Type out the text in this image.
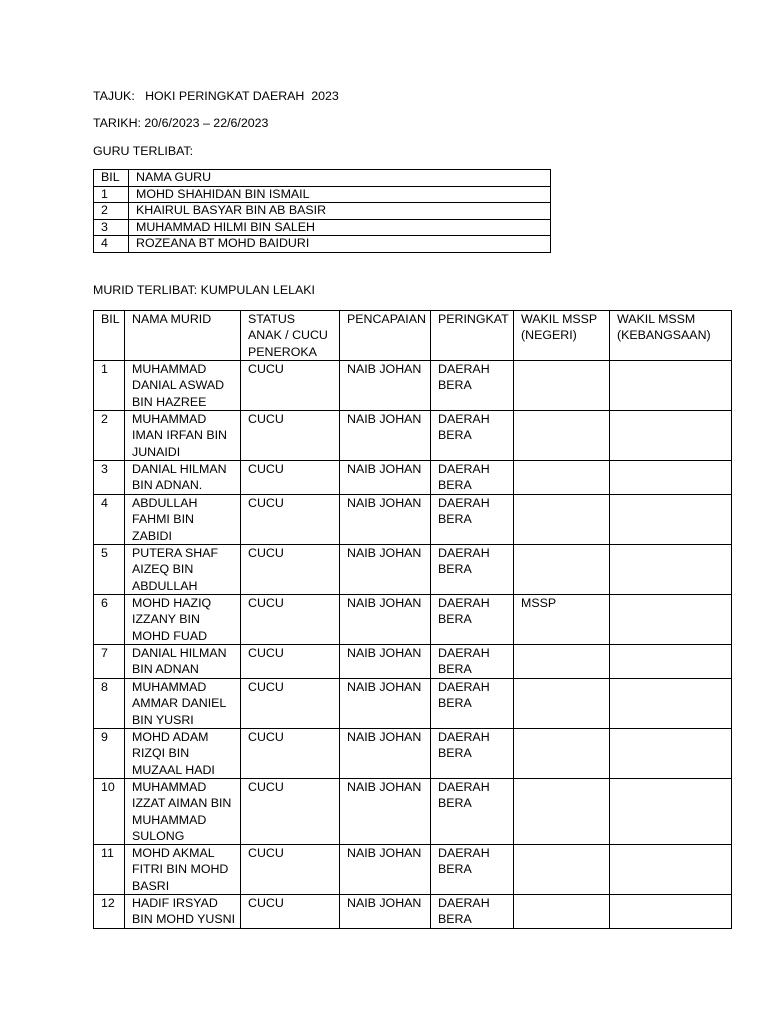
TAJUK:   HOKI PERINGKAT DAERAH  2023
TARIKH: 20/6/2023 – 22/6/2023
GURU TERLIBAT:
BIL	NAMA GURU
1	MOHD SHAHIDAN BIN ISMAIL
2	KHAIRUL BASYAR BIN AB BASIR
3	MUHAMMAD HILMI BIN SALEH
4	ROZEANA BT MOHD BAIDURI
MURID TERLIBAT: KUMPULAN LELAKI
BIL	NAMA MURID	STATUS
ANAK / CUCU
PENEROKA	PENCAPAIAN	PERINGKAT	WAKIL MSSP
(NEGERI)	WAKIL MSSM
(KEBANGSAAN)
1	MUHAMMAD
DANIAL ASWAD
BIN HAZREE	CUCU	NAIB JOHAN	DAERAH
BERA		
2	MUHAMMAD
IMAN IRFAN BIN
JUNAIDI	CUCU	NAIB JOHAN	DAERAH
BERA		
3	DANIAL HILMAN
BIN ADNAN.	CUCU	NAIB JOHAN	DAERAH
BERA		
4	ABDULLAH
FAHMI BIN
ZABIDI	CUCU	NAIB JOHAN	DAERAH
BERA		
5	PUTERA SHAF
AIZEQ BIN
ABDULLAH	CUCU	NAIB JOHAN	DAERAH
BERA		
6	MOHD HAZIQ
IZZANY BIN
MOHD FUAD	CUCU	NAIB JOHAN	DAERAH
BERA	MSSP	
7	DANIAL HILMAN
BIN ADNAN	CUCU	NAIB JOHAN	DAERAH
BERA		
8	MUHAMMAD
AMMAR DANIEL
BIN YUSRI	CUCU	NAIB JOHAN	DAERAH
BERA		
9	MOHD ADAM
RIZQI BIN
MUZAAL HADI	CUCU	NAIB JOHAN	DAERAH
BERA		
10	MUHAMMAD
IZZAT AIMAN BIN
MUHAMMAD
SULONG	CUCU	NAIB JOHAN	DAERAH
BERA		
11	MOHD AKMAL
FITRI BIN MOHD
BASRI	CUCU	NAIB JOHAN	DAERAH
BERA		
12	HADIF IRSYAD
BIN MOHD YUSNI	CUCU	NAIB JOHAN	DAERAH
BERA		
